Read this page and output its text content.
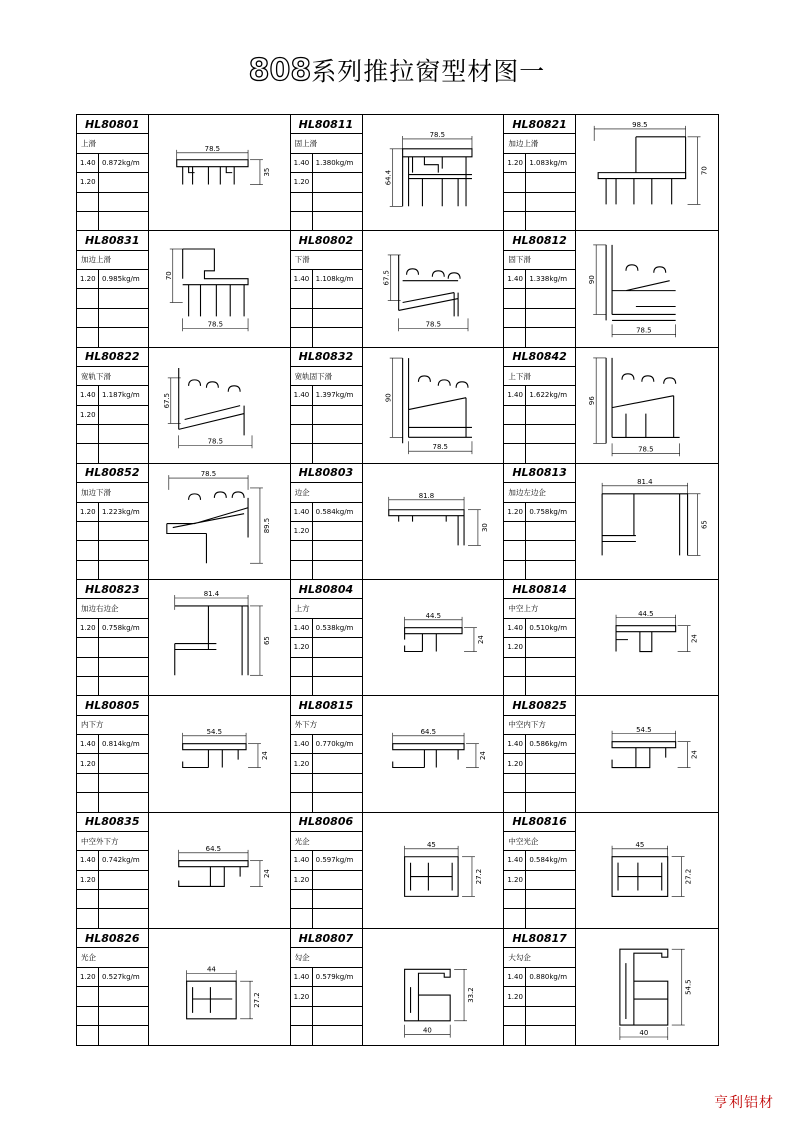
808系列推拉窗型材图一
HL80801
上滑
1.40 0.872kg/m
1.20
78.5
35
HL80811
固上滑
1.40 1.380kg/m
1.20
78.5
64.4
HL80821
加边上滑
1.20 1.083kg/m
98.5
70
HL80831
加边上滑
1.20 0.985kg/m	70
78.5
HL80802
下滑
1.40 1.108kg/m	67.5
78.5
HL80812
固下滑
1.40 1.338kg/m	90
78.5
HL80822
宽轨下滑
1.40 1.187kg/m
1.20
67.5
78.5
HL80832
宽轨固下滑
1.40 1.397kg/m	90
78.5
HL80842
上下滑
1.40 1.622kg/m
96
78.5
HL80852
加边下滑
1.20 1.223kg/m
78.5
89.5
HL80803
边企
1.40 0.584kg/m
1.20
81.8
30
HL80813
加边左边企
1.20 0.758kg/m
81.4
65
HL80823
加边右边企
1.20 0.758kg/m
81.4
65
HL80804
上方
1.40 0.538kg/m
1.20
44.5
24
HL80814
中空上方
1.40 0.510kg/m
1.20
44.5
24
HL80805
内下方
1.40 0.814kg/m
1.20
54.5
24
HL80815
外下方
1.40 0.770kg/m
1.20
64.5
24
HL80825
中空内下方
1.40 0.586kg/m
1.20
54.5
24
HL80835
中空外下方
1.40 0.742kg/m
1.20
64.5
24
HL80806
光企
1.40 0.597kg/m
1.20
45
27.2
HL80816
中空光企
1.40 0.584kg/m
1.20
45
27.2
HL80826
光企
1.20 0.527kg/m
44
27.2
HL80807
勾企
1.40 0.579kg/m
1.20
40
33.2
HL80817
大勾企
1.40 0.880kg/m
1.20
40
54.5
亨利铝材
